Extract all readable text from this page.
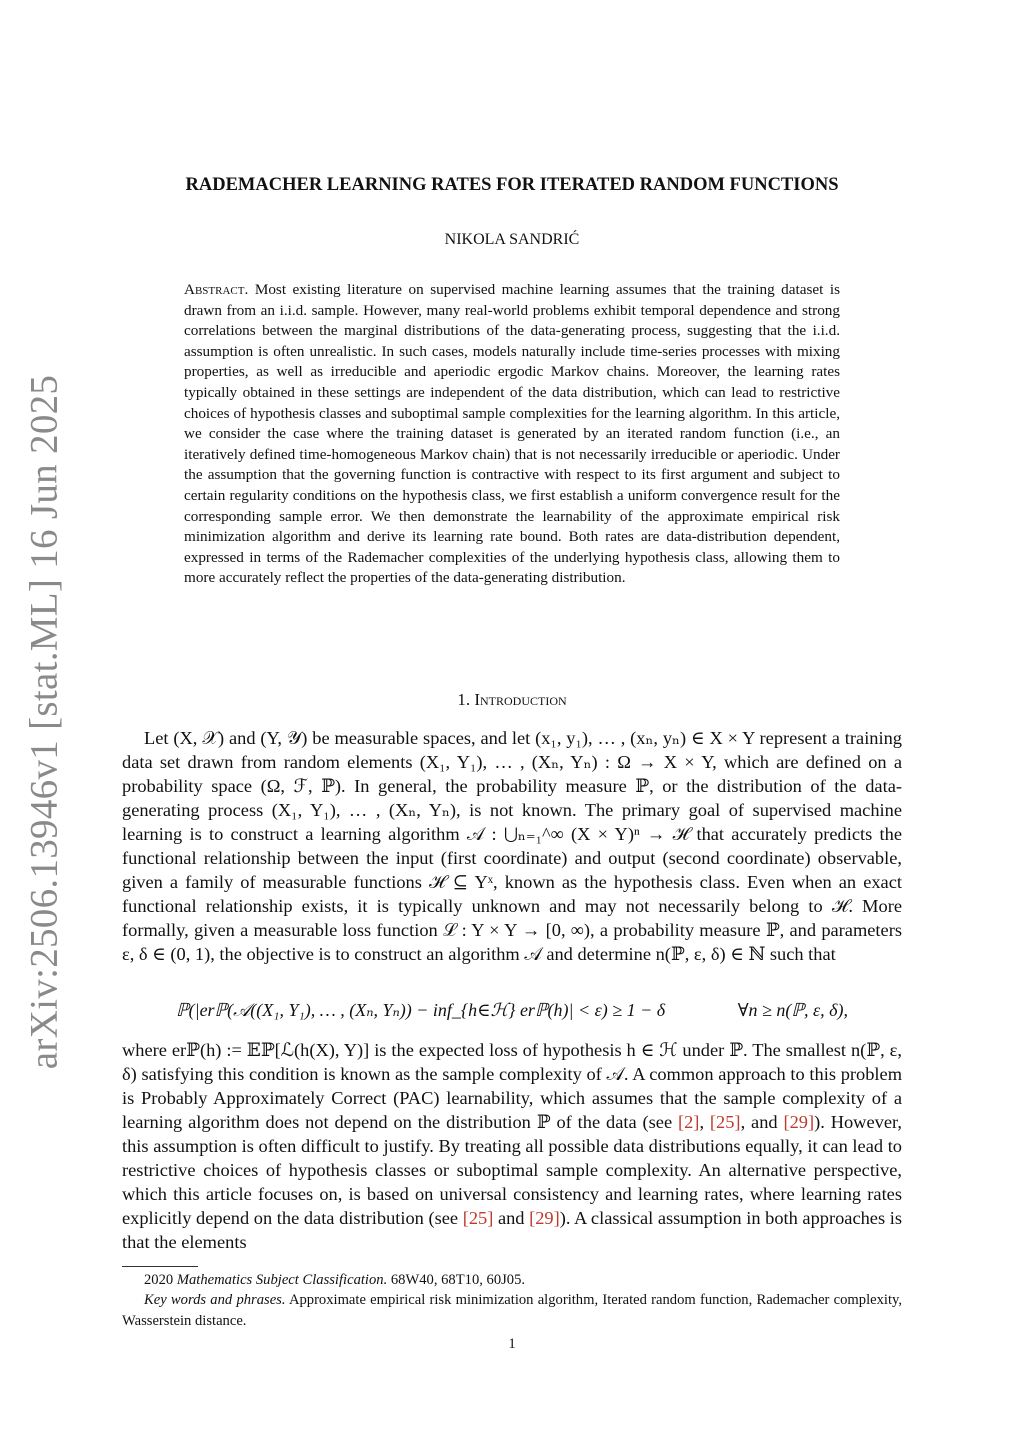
arXiv:2506.13946v1 [stat.ML] 16 Jun 2025
RADEMACHER LEARNING RATES FOR ITERATED RANDOM FUNCTIONS
NIKOLA SANDRIĆ
Abstract. Most existing literature on supervised machine learning assumes that the training dataset is drawn from an i.i.d. sample. However, many real-world problems exhibit temporal dependence and strong correlations between the marginal distributions of the data-generating process, suggesting that the i.i.d. assumption is often unrealistic. In such cases, models naturally include time-series processes with mixing properties, as well as irreducible and aperiodic ergodic Markov chains. Moreover, the learning rates typically obtained in these settings are independent of the data distribution, which can lead to restrictive choices of hypothesis classes and suboptimal sample complexities for the learning algorithm. In this article, we consider the case where the training dataset is generated by an iterated random function (i.e., an iteratively defined time-homogeneous Markov chain) that is not necessarily irreducible or aperiodic. Under the assumption that the governing function is contractive with respect to its first argument and subject to certain regularity conditions on the hypothesis class, we first establish a uniform convergence result for the corresponding sample error. We then demonstrate the learnability of the approximate empirical risk minimization algorithm and derive its learning rate bound. Both rates are data-distribution dependent, expressed in terms of the Rademacher complexities of the underlying hypothesis class, allowing them to more accurately reflect the properties of the data-generating distribution.
1. Introduction

Let (X, 𝒳) and (Y, 𝒴) be measurable spaces, and let (x₁, y₁), … , (xₙ, yₙ) ∈ X × Y represent a training data set drawn from random elements (X₁, Y₁), … , (Xₙ, Yₙ) : Ω → X × Y, which are defined on a probability space (Ω, ℱ, ℙ). In general, the probability measure ℙ, or the distribution of the data-generating process (X₁, Y₁), … , (Xₙ, Yₙ), is not known. The primary goal of supervised machine learning is to construct a learning algorithm 𝒜 : ⋃ₙ₌₁^∞ (X × Y)ⁿ → ℋ that accurately predicts the functional relationship between the input (first coordinate) and output (second coordinate) observable, given a family of measurable functions ℋ ⊆ Yˣ, known as the hypothesis class. Even when an exact functional relationship exists, it is typically unknown and may not necessarily belong to ℋ. More formally, given a measurable loss function ℒ : Y × Y → [0, ∞), a probability measure ℙ, and parameters ε, δ ∈ (0, 1), the objective is to construct an algorithm 𝒜 and determine n(ℙ, ε, δ) ∈ ℕ such that

ℙ(|erℙ(𝒜((X₁, Y₁), … , (Xₙ, Yₙ)) − inf_{h∈ℋ} erℙ(h)| < ε) ≥ 1 − δ	∀n ≥ n(ℙ, ε, δ),

where erℙ(h) := 𝔼ℙ[ℒ(h(X), Y)] is the expected loss of hypothesis h ∈ ℋ under ℙ. The smallest n(ℙ, ε, δ) satisfying this condition is known as the sample complexity of 𝒜. A common approach to this problem is Probably Approximately Correct (PAC) learnability, which assumes that the sample complexity of a learning algorithm does not depend on the distribution ℙ of the data (see [2], [25], and [29]). However, this assumption is often difficult to justify. By treating all possible data distributions equally, it can lead to restrictive choices of hypothesis classes or suboptimal sample complexity. An alternative perspective, which this article focuses on, is based on universal consistency and learning rates, where learning rates explicitly depend on the data distribution (see [25] and [29]). A classical assumption in both approaches is that the elements

2020 Mathematics Subject Classification. 68W40, 68T10, 60J05.

Key words and phrases. Approximate empirical risk minimization algorithm, Iterated random function, Rademacher complexity, Wasserstein distance.

1
